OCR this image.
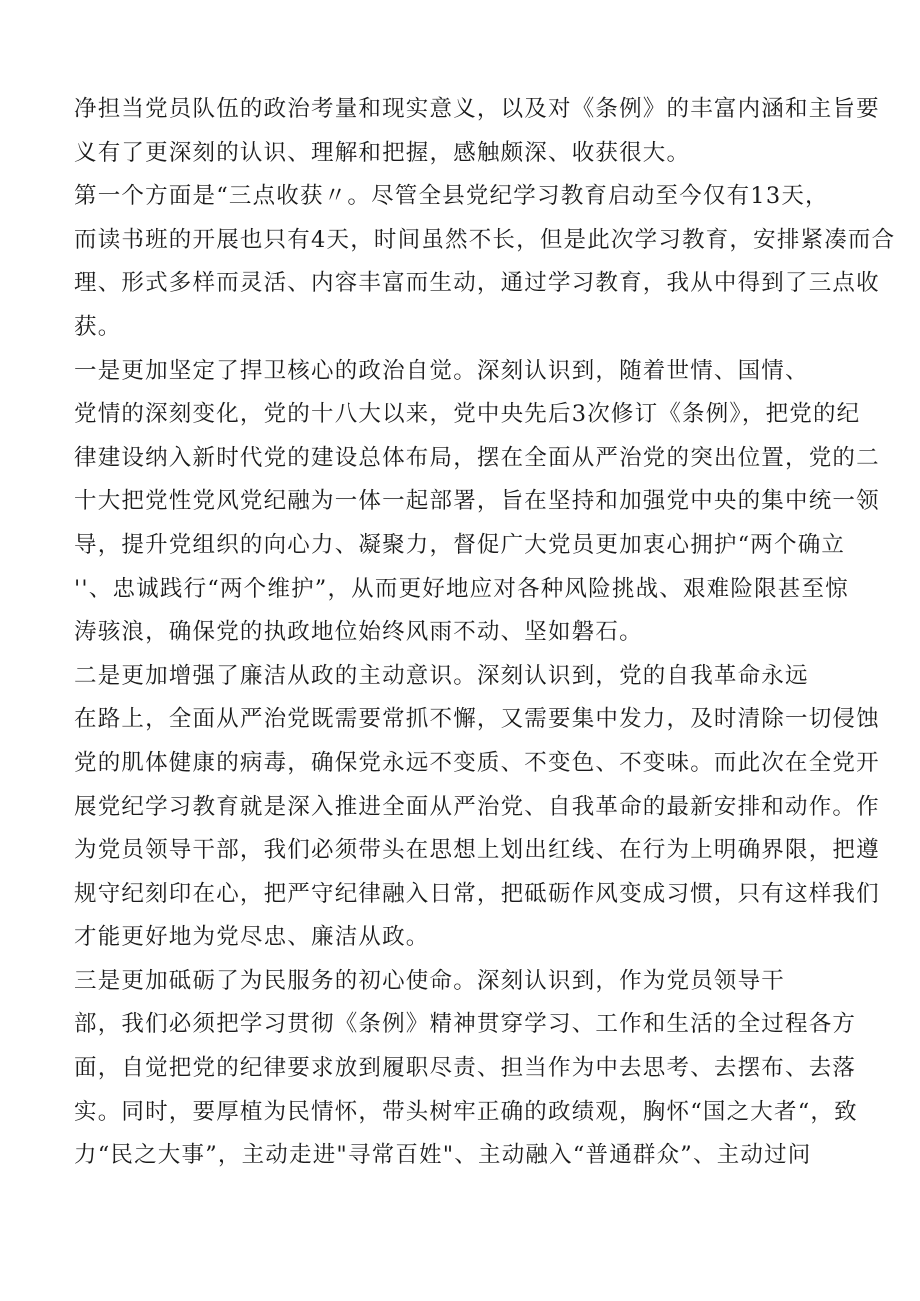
净担当党员队伍的政治考量和现实意义，以及对《条例》的丰富内涵和主旨要
义有了更深刻的认识、理解和把握，感触颇深、收获很大。
第一个方面是“三点收获〃。尽管全县党纪学习教育启动至今仅有13天，
而读书班的开展也只有4天，时间虽然不长，但是此次学习教育，安排紧凑而合
理、形式多样而灵活、内容丰富而生动，通过学习教育，我从中得到了三点收
获。
一是更加坚定了捍卫核心的政治自觉。深刻认识到，随着世情、国情、
党情的深刻变化，党的十八大以来，党中央先后3次修订《条例》，把党的纪
律建设纳入新时代党的建设总体布局，摆在全面从严治党的突出位置，党的二
十大把党性党风党纪融为一体一起部署，旨在坚持和加强党中央的集中统一领
导，提升党组织的向心力、凝聚力，督促广大党员更加衷心拥护“两个确立
''、忠诚践行“两个维护”，从而更好地应对各种风险挑战、艰难险限甚至惊
涛骇浪，确保党的执政地位始终风雨不动、坚如磐石。
二是更加增强了廉洁从政的主动意识。深刻认识到，党的自我革命永远
在路上，全面从严治党既需要常抓不懈，又需要集中发力，及时清除一切侵蚀
党的肌体健康的病毒，确保党永远不变质、不变色、不变味。而此次在全党开
展党纪学习教育就是深入推进全面从严治党、自我革命的最新安排和动作。作
为党员领导干部，我们必须带头在思想上划出红线、在行为上明确界限，把遵
规守纪刻印在心，把严守纪律融入日常，把砥砺作风变成习惯，只有这样我们
才能更好地为党尽忠、廉洁从政。
三是更加砥砺了为民服务的初心使命。深刻认识到，作为党员领导干
部，我们必须把学习贯彻《条例》精神贯穿学习、工作和生活的全过程各方
面，自觉把党的纪律要求放到履职尽责、担当作为中去思考、去摆布、去落
实。同时，要厚植为民情怀，带头树牢正确的政绩观，胸怀“国之大者“，致
力“民之大事”，主动走进"寻常百姓"、主动融入“普通群众”、主动过问
